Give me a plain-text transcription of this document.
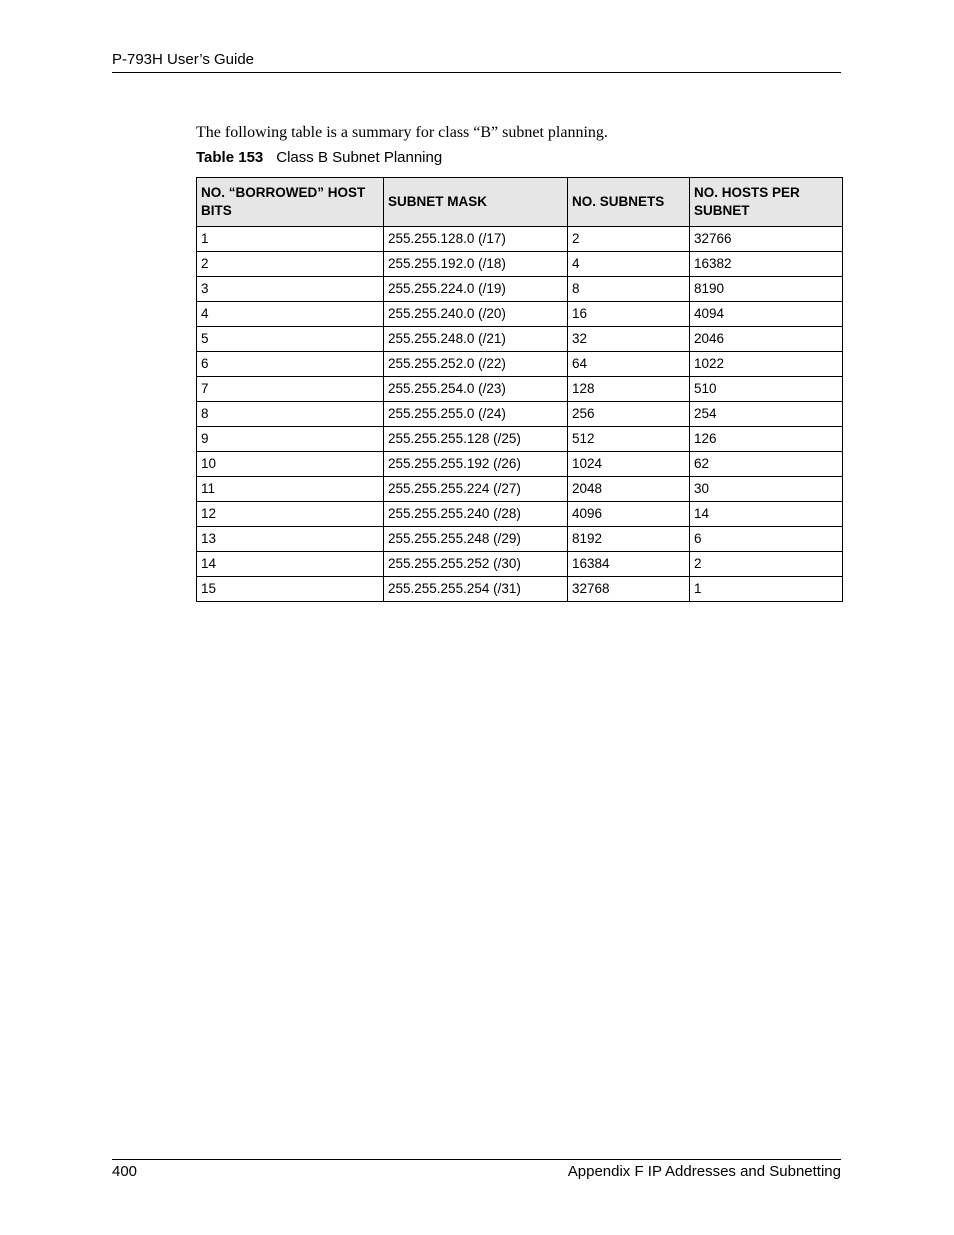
P-793H User’s Guide

The following table is a summary for class “B” subnet planning.

Table 153 Class B Subnet Planning
NO. “BORROWED” HOST BITS	SUBNET MASK	NO. SUBNETS	NO. HOSTS PER SUBNET
1	255.255.128.0 (/17)	2	32766
2	255.255.192.0 (/18)	4	16382
3	255.255.224.0 (/19)	8	8190
4	255.255.240.0 (/20)	16	4094
5	255.255.248.0 (/21)	32	2046
6	255.255.252.0 (/22)	64	1022
7	255.255.254.0 (/23)	128	510
8	255.255.255.0 (/24)	256	254
9	255.255.255.128 (/25)	512	126
10	255.255.255.192 (/26)	1024	62
11	255.255.255.224 (/27)	2048	30
12	255.255.255.240 (/28)	4096	14
13	255.255.255.248 (/29)	8192	6
14	255.255.255.252 (/30)	16384	2
15	255.255.255.254 (/31)	32768	1
400	Appendix F IP Addresses and Subnetting
